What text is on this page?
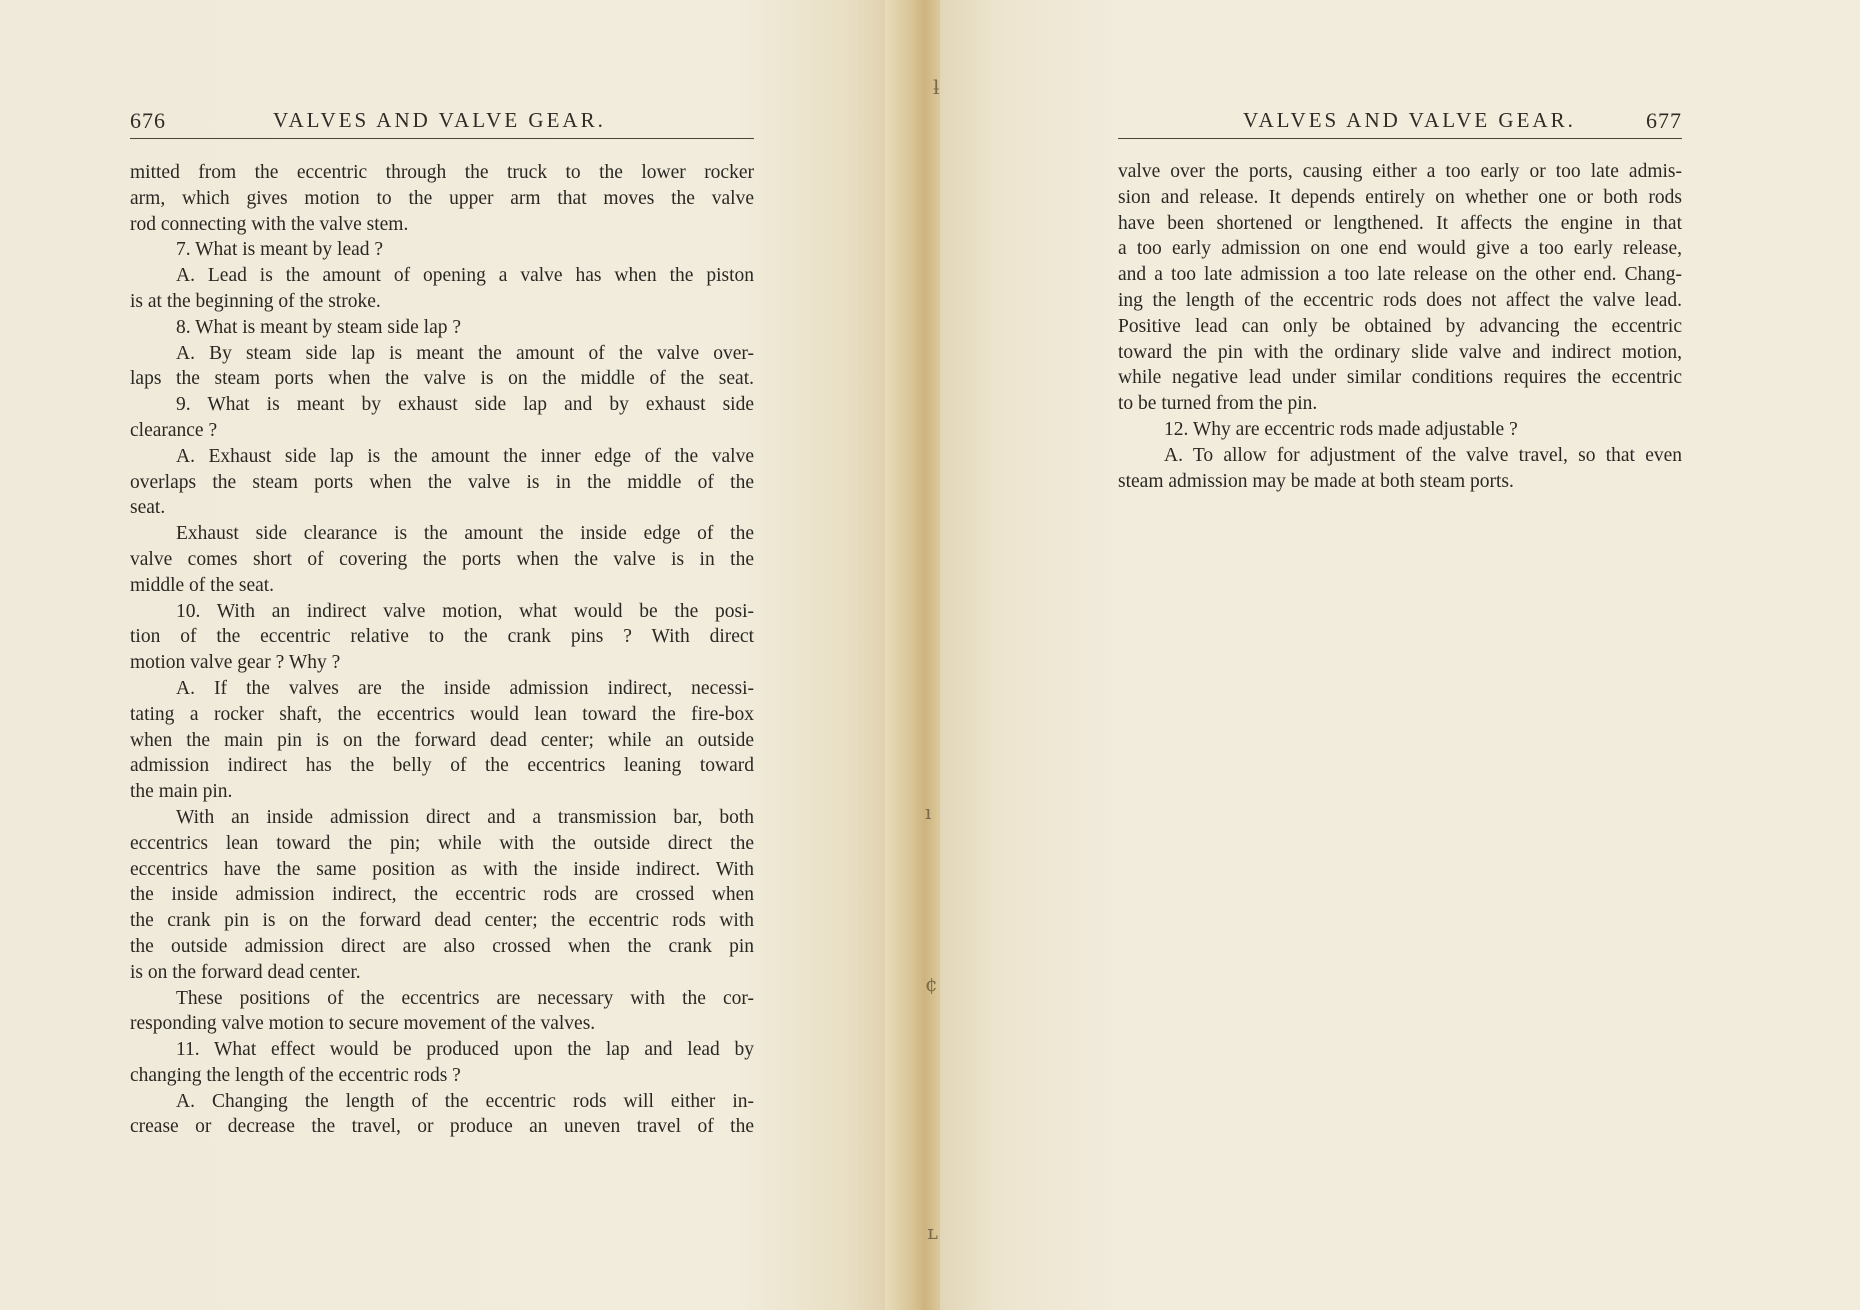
676	VALVES AND VALVE GEAR.
mitted from the eccentric through the truck to the lower rocker
arm, which gives motion to the upper arm that moves the valve
rod connecting with the valve stem.
7. What is meant by lead ?
A. Lead is the amount of opening a valve has when the piston
is at the beginning of the stroke.
8. What is meant by steam side lap ?
A. By steam side lap is meant the amount of the valve over-
laps the steam ports when the valve is on the middle of the seat.
9. What is meant by exhaust side lap and by exhaust side
clearance ?
A. Exhaust side lap is the amount the inner edge of the valve
overlaps the steam ports when the valve is in the middle of the
seat.
Exhaust side clearance is the amount the inside edge of the
valve comes short of covering the ports when the valve is in the
middle of the seat.
10. With an indirect valve motion, what would be the posi-
tion of the eccentric relative to the crank pins ? With direct
motion valve gear ? Why ?
A. If the valves are the inside admission indirect, necessi-
tating a rocker shaft, the eccentrics would lean toward the fire-box
when the main pin is on the forward dead center; while an outside
admission indirect has the belly of the eccentrics leaning toward
the main pin.
With an inside admission direct and a transmission bar, both
eccentrics lean toward the pin; while with the outside direct the
eccentrics have the same position as with the inside indirect. With
the inside admission indirect, the eccentric rods are crossed when
the crank pin is on the forward dead center; the eccentric rods with
the outside admission direct are also crossed when the crank pin
is on the forward dead center.
These positions of the eccentrics are necessary with the cor-
responding valve motion to secure movement of the valves.
11. What effect would be produced upon the lap and lead by
changing the length of the eccentric rods ?
A. Changing the length of the eccentric rods will either in-
crease or decrease the travel, or produce an uneven travel of the
ƚ
ı
¢
ʟ
VALVES AND VALVE GEAR.	677
valve over the ports, causing either a too early or too late admis-
sion and release. It depends entirely on whether one or both rods
have been shortened or lengthened. It affects the engine in that
a too early admission on one end would give a too early release,
and a too late admission a too late release on the other end. Chang-
ing the length of the eccentric rods does not affect the valve lead.
Positive lead can only be obtained by advancing the eccentric
toward the pin with the ordinary slide valve and indirect motion,
while negative lead under similar conditions requires the eccentric
to be turned from the pin.
12. Why are eccentric rods made adjustable ?
A. To allow for adjustment of the valve travel, so that even
steam admission may be made at both steam ports.
